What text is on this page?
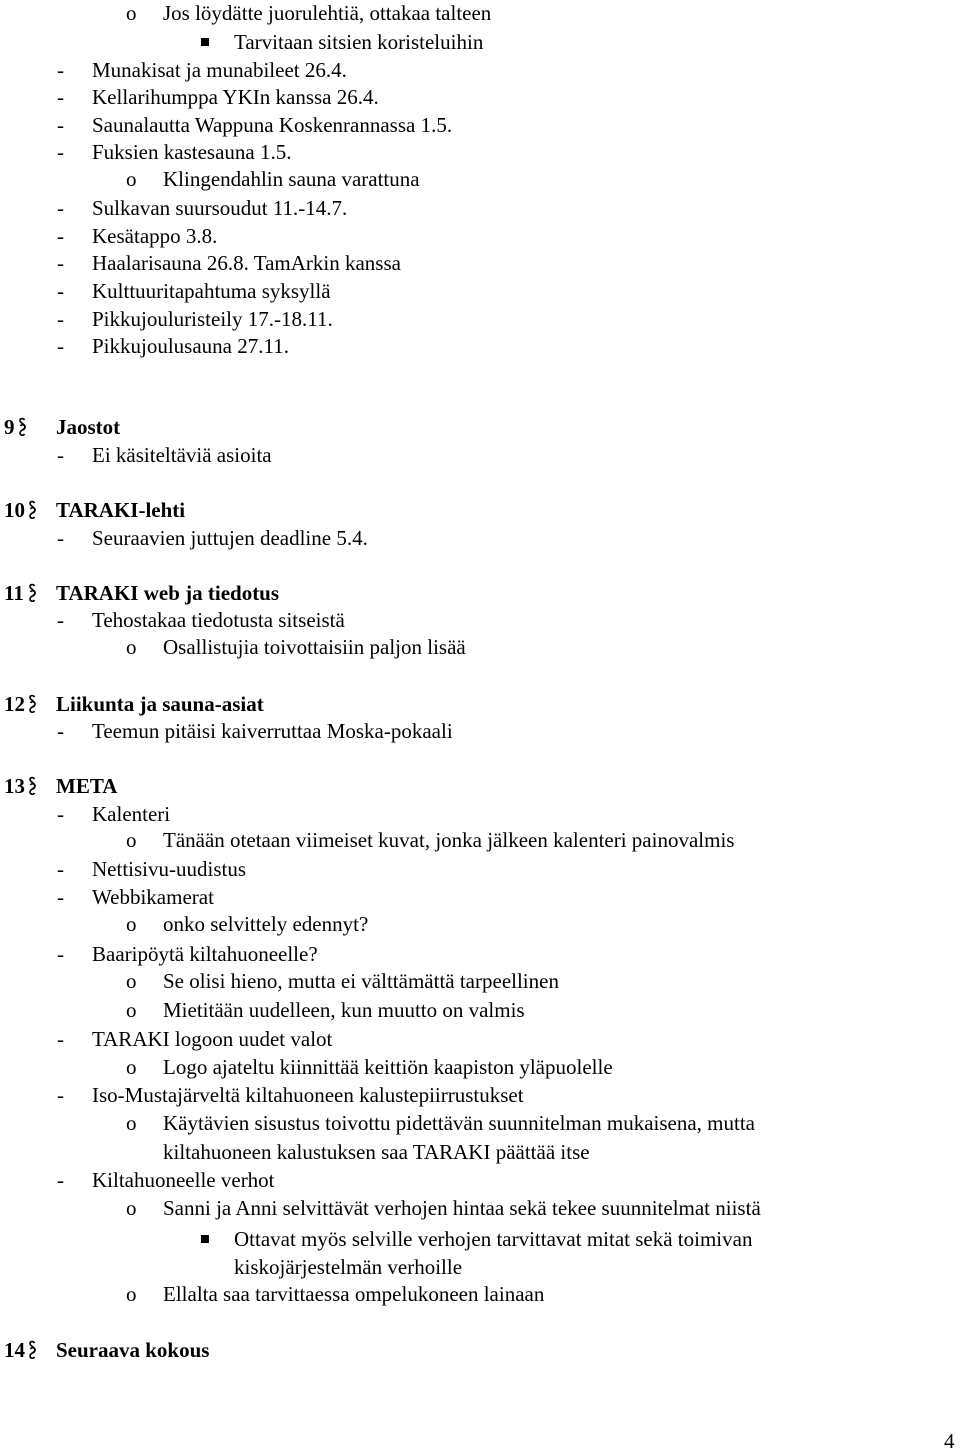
o Jos löydätte juorulehtiä, ottakaa talteen
Tarvitaan sitsien koristeluihin
- Munakisat ja munabileet 26.4.
- Kellarihumppa YKIn kanssa 26.4.
- Saunalautta Wappuna Koskenrannassa 1.5.
- Fuksien kastesauna 1.5.
o Klingendahlin sauna varattuna
- Sulkavan suursoudut 11.-14.7.
- Kesätappo 3.8.
- Haalarisauna 26.8. TamArkin kanssa
- Kulttuuritapahtuma syksyllä
- Pikkujouluristeily 17.-18.11.
- Pikkujoulusauna 27.11.
9 Jaostot
- Ei käsiteltäviä asioita
10 TARAKI-lehti
- Seuraavien juttujen deadline 5.4.
11 TARAKI web ja tiedotus
- Tehostakaa tiedotusta sitseistä
o Osallistujia toivottaisiin paljon lisää
12 Liikunta ja sauna-asiat
- Teemun pitäisi kaiverruttaa Moska-pokaali
13 META
- Kalenteri
o Tänään otetaan viimeiset kuvat, jonka jälkeen kalenteri painovalmis
- Nettisivu-uudistus
- Webbikamerat
o onko selvittely edennyt?
- Baaripöytä kiltahuoneelle?
o Se olisi hieno, mutta ei välttämättä tarpeellinen
o Mietitään uudelleen, kun muutto on valmis
- TARAKI logoon uudet valot
o Logo ajateltu kiinnittää keittiön kaapiston yläpuolelle
- Iso-Mustajärveltä kiltahuoneen kalustepiirrustukset
o Käytävien sisustus toivottu pidettävän suunnitelman mukaisena, mutta
kiltahuoneen kalustuksen saa TARAKI päättää itse
- Kiltahuoneelle verhot
o Sanni ja Anni selvittävät verhojen hintaa sekä tekee suunnitelmat niistä
Ottavat myös selville verhojen tarvittavat mitat sekä toimivan
kiskojärjestelmän verhoille
o Ellalta saa tarvittaessa ompelukoneen lainaan
14 Seuraava kokous
4
